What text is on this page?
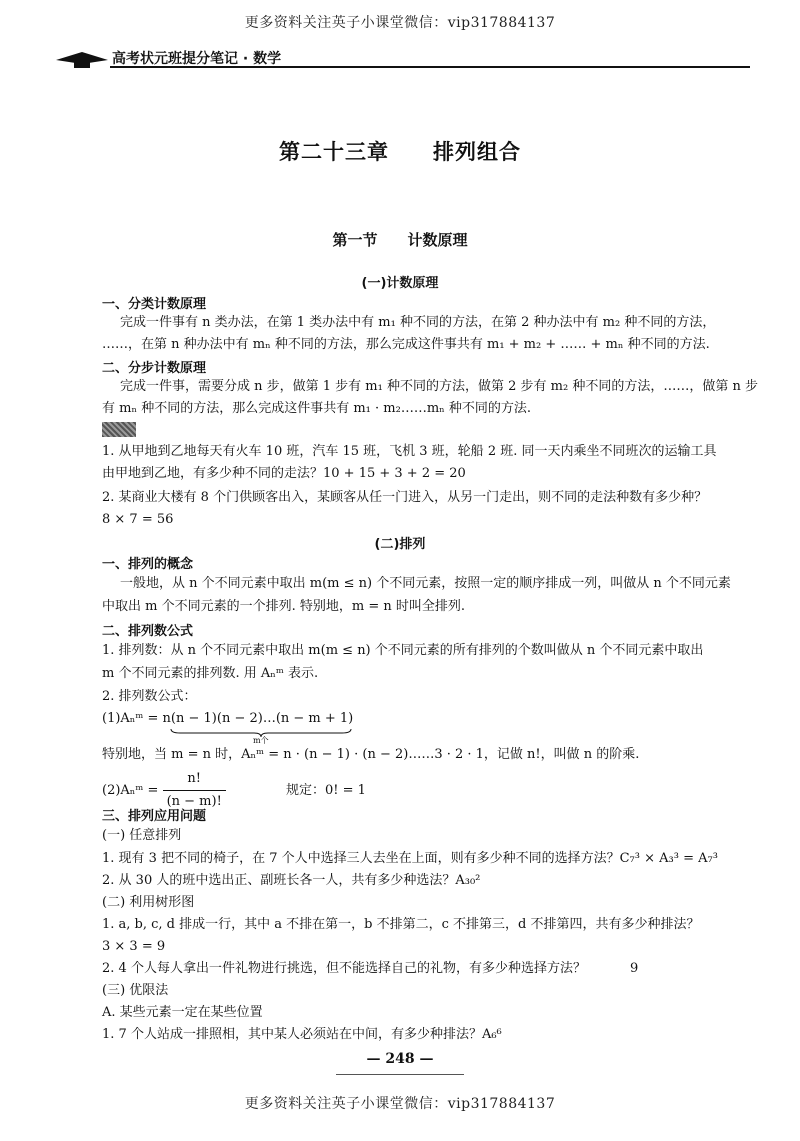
更多资料关注英子小课堂微信：vip317884137
高考状元班提分笔记 · 数学
第二十三章　　排列组合
第一节　　计数原理
(一)计数原理
一、分类计数原理
完成一件事有 n 类办法，在第 1 类办法中有 m₁ 种不同的方法，在第 2 种办法中有 m₂ 种不同的方法，
……，在第 n 种办法中有 mₙ 种不同的方法，那么完成这件事共有 m₁ + m₂ + …… + mₙ 种不同的方法.
二、分步计数原理
完成一件事，需要分成 n 步，做第 1 步有 m₁ 种不同的方法，做第 2 步有 m₂ 种不同的方法，……，做第 n 步
有 mₙ 种不同的方法，那么完成这件事共有 m₁ · m₂……mₙ 种不同的方法.
1. 从甲地到乙地每天有火车 10 班，汽车 15 班，飞机 3 班，轮船 2 班. 同一天内乘坐不同班次的运输工具
由甲地到乙地，有多少种不同的走法？10 + 15 + 3 + 2 = 20
2. 某商业大楼有 8 个门供顾客出入，某顾客从任一门进入，从另一门走出，则不同的走法种数有多少种？
8 × 7 = 56
(二)排列
一、排列的概念
一般地，从 n 个不同元素中取出 m(m ≤ n) 个不同元素，按照一定的顺序排成一列，叫做从 n 个不同元素
中取出 m 个不同元素的一个排列. 特别地，m = n 时叫全排列.
二、排列数公式
1. 排列数：从 n 个不同元素中取出 m(m ≤ n) 个不同元素的所有排列的个数叫做从 n 个不同元素中取出
m 个不同元素的排列数. 用 Aₙᵐ 表示.
2. 排列数公式：
(1)Aₙᵐ = n(n − 1)(n − 2)…(n − m + 1)
m个
特别地，当 m = n 时，Aₙᵐ = n · (n − 1) · (n − 2)……3 · 2 · 1，记做 n!，叫做 n 的阶乘.
(2)Aₙᵐ = $\frac{n!}{(n - m)!}$	规定：0! = 1
三、排列应用问题
(一) 任意排列
1. 现有 3 把不同的椅子，在 7 个人中选择三人去坐在上面，则有多少种不同的选择方法？C₇³ × A₃³ = A₇³
2. 从 30 人的班中选出正、副班长各一人，共有多少种选法？A₃₀²
(二) 利用树形图
1. a, b, c, d 排成一行，其中 a 不排在第一，b 不排第二，c 不排第三，d 不排第四，共有多少种排法？
3 × 3 = 9
2. 4 个人每人拿出一件礼物进行挑选，但不能选择自己的礼物，有多少种选择方法？	9
(三) 优限法
A. 某些元素一定在某些位置
1. 7 个人站成一排照相，其中某人必须站在中间，有多少种排法？A₆⁶
— 248 —
更多资料关注英子小课堂微信：vip317884137
